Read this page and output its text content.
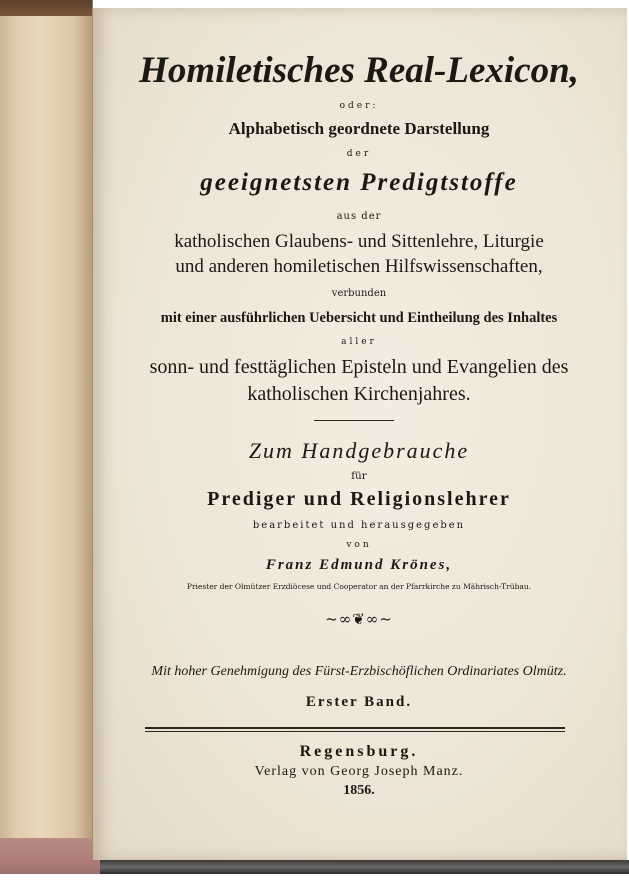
Homiletisches Real-Lexicon,
oder:
Alphabetisch geordnete Darstellung
der
geeignetsten Predigtstoffe
aus der
katholischen Glaubens- und Sittenlehre, Liturgie
und anderen homiletischen Hilfswissenschaften,
verbunden
mit einer ausführlichen Uebersicht und Eintheilung des Inhaltes
aller
sonn- und festtäglichen Episteln und Evangelien des
katholischen Kirchenjahres.
Zum Handgebrauche
für
Prediger und Religionslehrer
bearbeitet und herausgegeben
von
Franz Edmund Krönes,
Priester der Olmützer Erzdiöcese und Cooperator an der Pfarrkirche zu Mährisch-Trübau.
~∞❦∞~
Mit hoher Genehmigung des Fürst-Erzbischöflichen Ordinariates Olmütz.
Erster Band.
Regensburg.
Verlag von Georg Joseph Manz.
1856.
